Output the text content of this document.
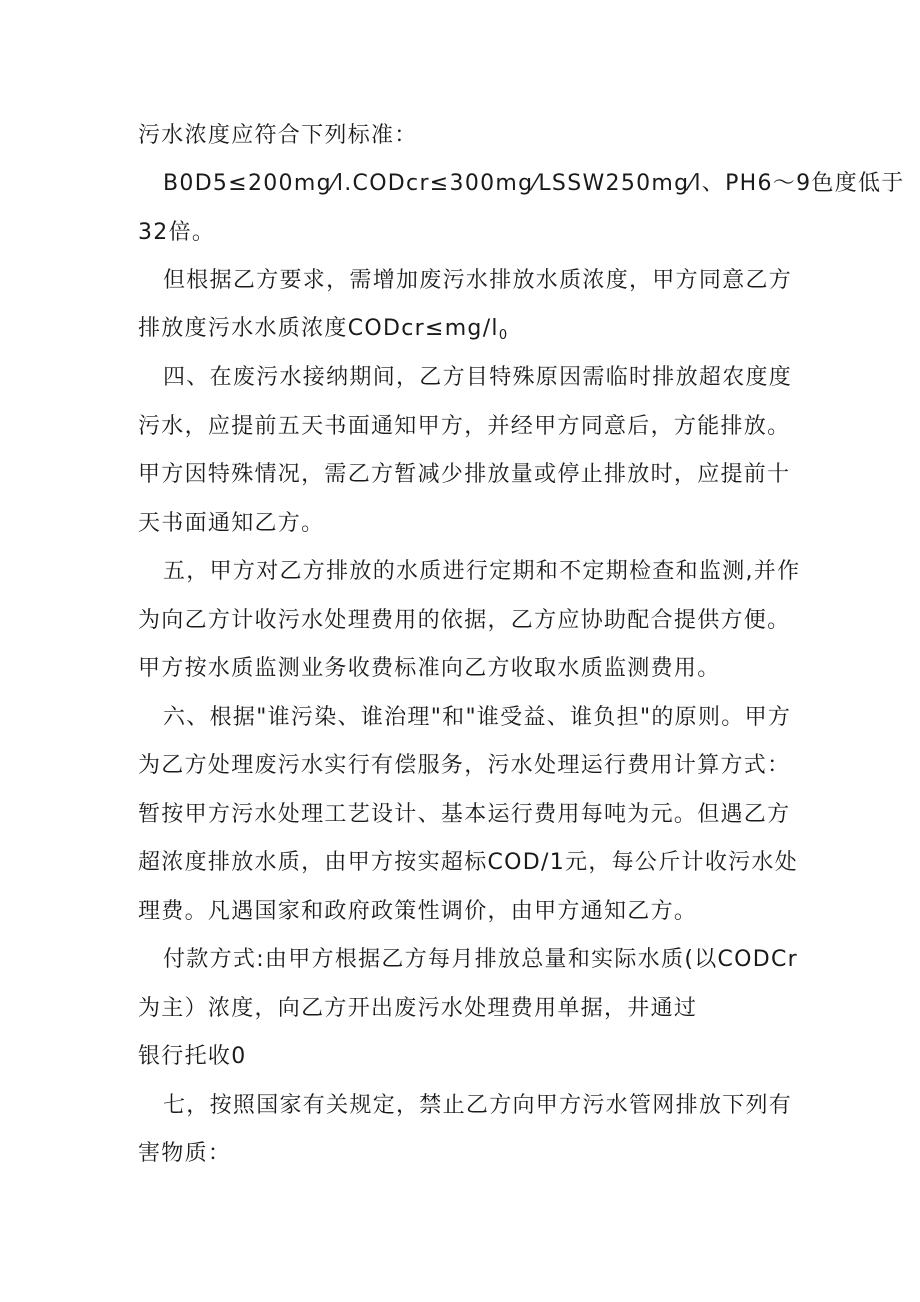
污水浓度应符合下列标准：
B0D5≤200mg⁄l.CODcr≤300mg⁄LSSW250mg⁄l、PH6〜9色度低于
32倍。
但根据乙方要求，需增加废污水排放水质浓度，甲方同意乙方
排放度污水水质浓度$CODcr\le mg/l_0$
四、在废污水接纳期间，乙方目特殊原因需临时排放超农度度
污水，应提前五天书面通知甲方，并经甲方同意后，方能排放。
甲方因特殊情况，需乙方暂减少排放量或停止排放时，应提前十
天书面通知乙方。
五，甲方对乙方排放的水质进行定期和不定期检查和监测,并作
为向乙方计收污水处理费用的依据，乙方应协助配合提供方便。
甲方按水质监测业务收费标准向乙方收取水质监测费用。
六、根据"谁污染、谁治理"和"谁受益、谁负担"的原则。甲方
为乙方处理废污水实行有偿服务，污水处理运行费用计算方式：
暂按甲方污水处理工艺设计、基本运行费用每吨为元。但遇乙方
超浓度排放水质，由甲方按实超标COD/1元，每公斤计收污水处
理费。凡遇国家和政府政策性调价，由甲方通知乙方。
付款方式:由甲方根据乙方每月排放总量和实际水质(以CODCr
为主）浓度，向乙方开出废污水处理费用单据，井通过
银行托收0
七，按照国家有关规定，禁止乙方向甲方污水管网排放下列有
害物质：
